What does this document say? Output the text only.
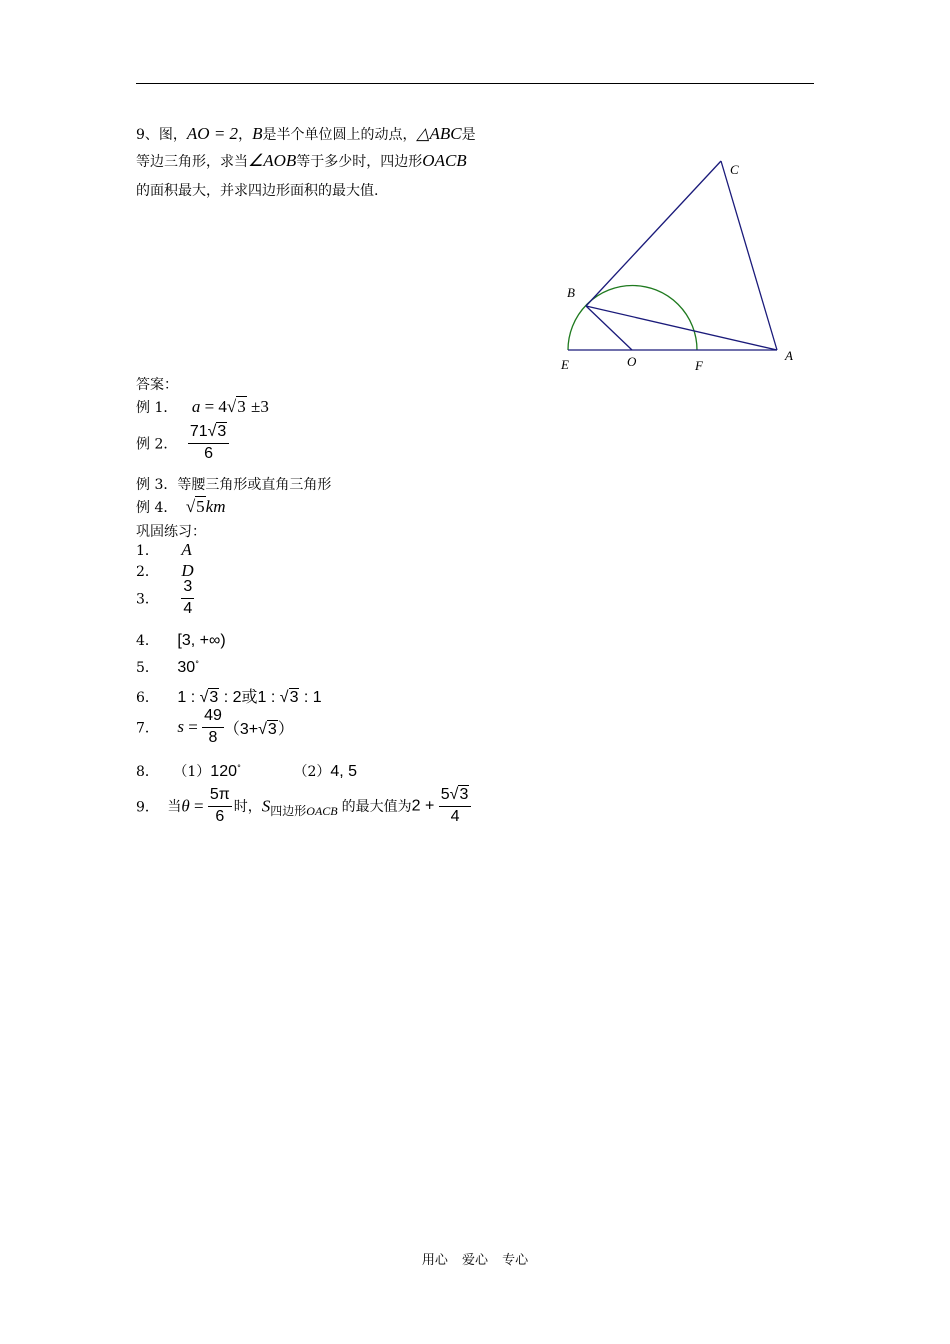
9、图，AO = 2，B是半个单位圆上的动点，△ABC是
等边三角形，求当∠AOB等于多少时，四边形OACB
的面积最大，并求四边形面积的最大值.
C
B
A
E	O	F
答案：
例 1． a = 4√3 ±3
例 2． $\frac{71√3}{6}$
例 3．等腰三角形或直角三角形
例 4． √5km
巩固练习：
1． A
2． D
3． $\frac{3}{4}$
4． [3, +∞)
5． 30°
6． 1 : √3 : 2或1 : √3 : 1
7． $s = \frac{49}{8} (3+√3)$
8． （1）120°	（2）4, 5
9． 当$\theta = \frac{5\pi}{6}$ 时，S四边形OACB 的最大值为$2 + \frac{5√3}{4}$
用心 爱心 专心
